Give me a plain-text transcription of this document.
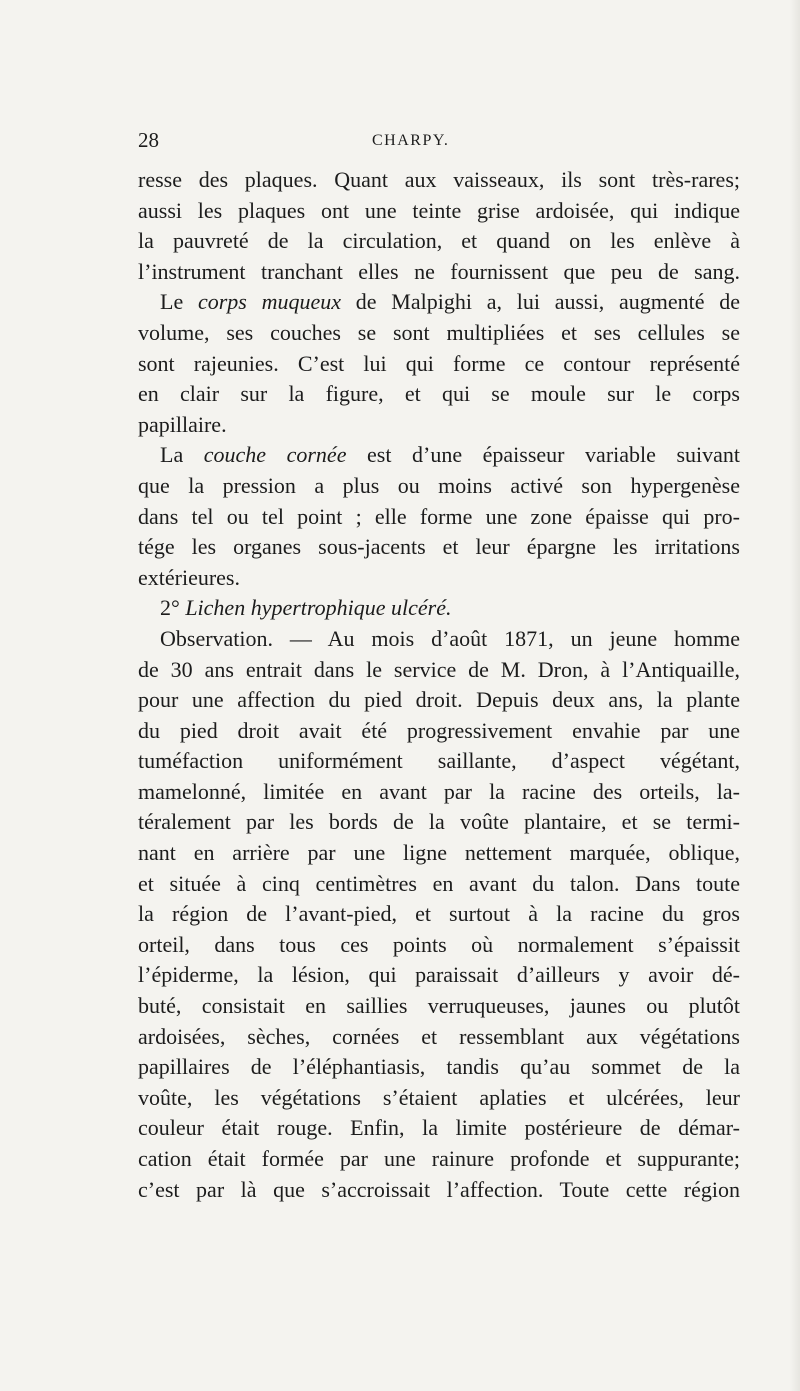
28	CHARPY.

resse des plaques. Quant aux vaisseaux, ils sont très-rares;

aussi les plaques ont une teinte grise ardoisée, qui indique

la pauvreté de la circulation, et quand on les enlève à

l’instrument tranchant elles ne fournissent que peu de sang.

Le corps muqueux de Malpighi a, lui aussi, augmenté de

volume, ses couches se sont multipliées et ses cellules se

sont rajeunies. C’est lui qui forme ce contour représenté

en clair sur la figure, et qui se moule sur le corps

papillaire.

La couche cornée est d’une épaisseur variable suivant

que la pression a plus ou moins activé son hypergenèse

dans tel ou tel point ; elle forme une zone épaisse qui pro-

tége les organes sous-jacents et leur épargne les irritations

extérieures.

2° Lichen hypertrophique ulcéré.

Observation. — Au mois d’août 1871, un jeune homme

de 30 ans entrait dans le service de M. Dron, à l’Antiquaille,

pour une affection du pied droit. Depuis deux ans, la plante

du pied droit avait été progressivement envahie par une

tuméfaction uniformément saillante, d’aspect végétant,

mamelonné, limitée en avant par la racine des orteils, la-

téralement par les bords de la voûte plantaire, et se termi-

nant en arrière par une ligne nettement marquée, oblique,

et située à cinq centimètres en avant du talon. Dans toute

la région de l’avant-pied, et surtout à la racine du gros

orteil, dans tous ces points où normalement s’épaissit

l’épiderme, la lésion, qui paraissait d’ailleurs y avoir dé-

buté, consistait en saillies verruqueuses, jaunes ou plutôt

ardoisées, sèches, cornées et ressemblant aux végétations

papillaires de l’éléphantiasis, tandis qu’au sommet de la

voûte, les végétations s’étaient aplaties et ulcérées, leur

couleur était rouge. Enfin, la limite postérieure de démar-

cation était formée par une rainure profonde et suppurante;

c’est par là que s’accroissait l’affection. Toute cette région
